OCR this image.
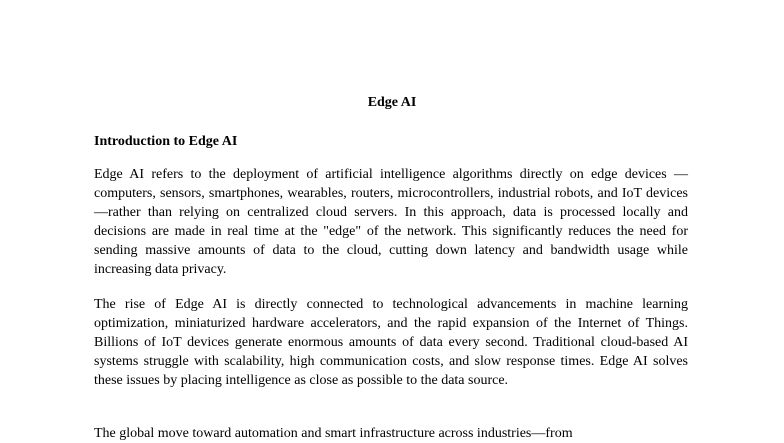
Edge AI
Introduction to Edge AI

Edge AI refers to the deployment of artificial intelligence algorithms directly on edge devices —computers, sensors, smartphones, wearables, routers, microcontrollers, industrial robots, and IoT devices—rather than relying on centralized cloud servers. In this approach, data is processed locally and decisions are made in real time at the "edge" of the network. This significantly reduces the need for sending massive amounts of data to the cloud, cutting down latency and bandwidth usage while increasing data privacy.

The rise of Edge AI is directly connected to technological advancements in machine learning optimization, miniaturized hardware accelerators, and the rapid expansion of the Internet of Things. Billions of IoT devices generate enormous amounts of data every second. Traditional cloud-based AI systems struggle with scalability, high communication costs, and slow response times. Edge AI solves these issues by placing intelligence as close as possible to the data source.

The global move toward automation and smart infrastructure across industries—from
